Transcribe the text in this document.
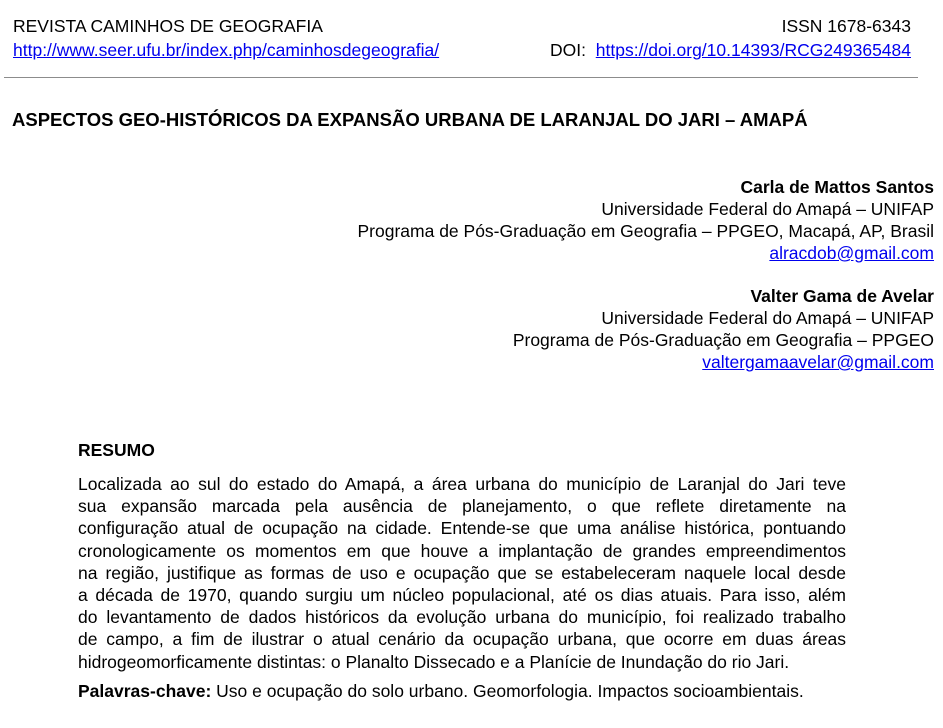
REVISTA CAMINHOS DE GEOGRAFIA	ISSN 1678-6343
http://www.seer.ufu.br/index.php/caminhosdegeografia/	DOI: https://doi.org/10.14393/RCG249365484
ASPECTOS GEO-HISTÓRICOS DA EXPANSÃO URBANA DE LARANJAL DO JARI – AMAPÁ
Carla de Mattos Santos
Universidade Federal do Amapá – UNIFAP
Programa de Pós-Graduação em Geografia – PPGEO, Macapá, AP, Brasil
alracdob@gmail.com
Valter Gama de Avelar
Universidade Federal do Amapá – UNIFAP
Programa de Pós-Graduação em Geografia – PPGEO
valtergamaavelar@gmail.com
RESUMO
Localizada ao sul do estado do Amapá, a área urbana do município de Laranjal do Jari teve
sua expansão marcada pela ausência de planejamento, o que reflete diretamente na
configuração atual de ocupação na cidade. Entende-se que uma análise histórica, pontuando
cronologicamente os momentos em que houve a implantação de grandes empreendimentos
na região, justifique as formas de uso e ocupação que se estabeleceram naquele local desde
a década de 1970, quando surgiu um núcleo populacional, até os dias atuais. Para isso, além
do levantamento de dados históricos da evolução urbana do município, foi realizado trabalho
de campo, a fim de ilustrar o atual cenário da ocupação urbana, que ocorre em duas áreas
hidrogeomorficamente distintas: o Planalto Dissecado e a Planície de Inundação do rio Jari.
Palavras-chave: Uso e ocupação do solo urbano. Geomorfologia. Impactos socioambientais.
